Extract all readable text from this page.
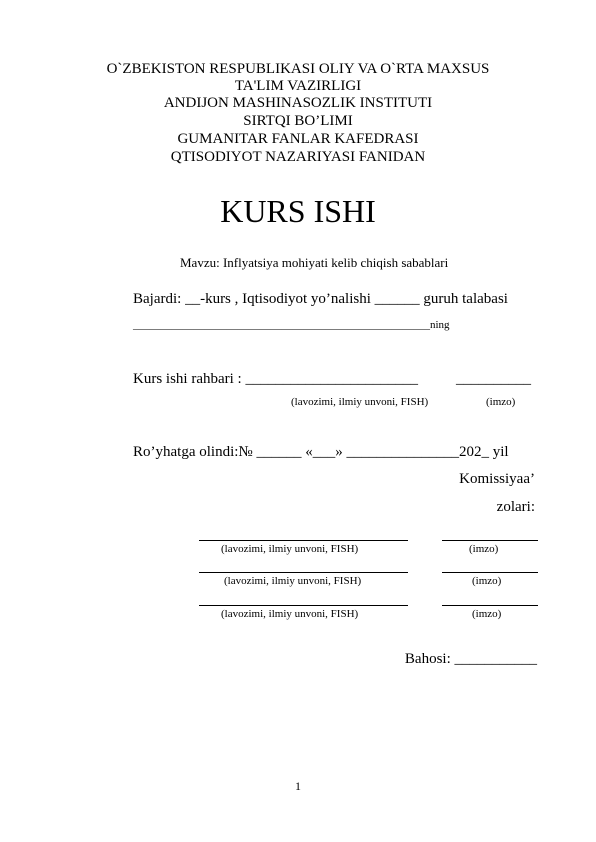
O`ZBEKISTON RESPUBLIKASI OLIY VA O`RTA MAXSUS
TA'LIM VAZIRLIGI
ANDIJON MASHINASOZLIK INSTITUTI
SIRTQI BO’LIMI
GUMANITAR FANLAR KAFEDRASI
QTISODIYOT NAZARIYASI FANIDAN
KURS ISHI
Mavzu: Inflyatsiya mohiyati kelib chiqish sabablari
Bajardi: __-kurs , Iqtisodiyot yo’nalishi ______ guruh talabasi
______________________________________________________ning
Kurs ishi rahbari : _______________________	__________
(lavozimi, ilmiy unvoni, FISH)	(imzo)
Ro’yhatga olindi:№ ______ «___» _______________202_ yil
Komissiyaa’
zolari:
(lavozimi, ilmiy unvoni, FISH)	(imzo)
(lavozimi, ilmiy unvoni, FISH)	(imzo)
(lavozimi, ilmiy unvoni, FISH)	(imzo)
Bahosi: ___________
1
